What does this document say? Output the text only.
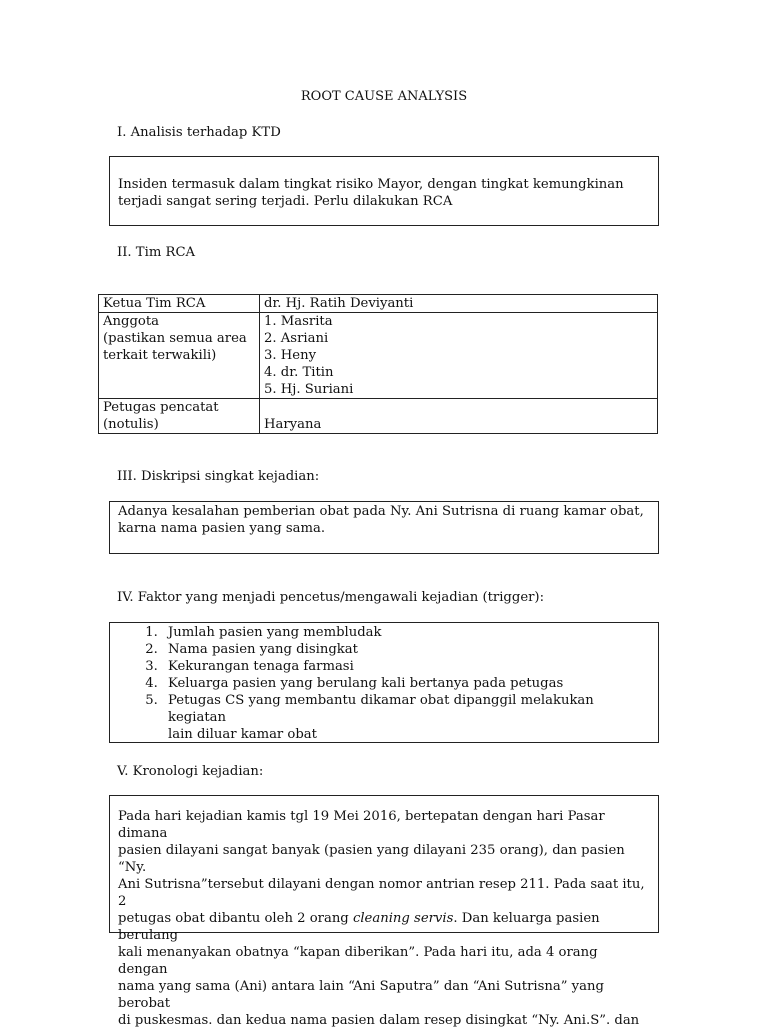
ROOT CAUSE ANALYSIS
I. Analisis terhadap KTD
Insiden termasuk dalam tingkat risiko Mayor, dengan tingkat kemungkinan
terjadi sangat sering terjadi. Perlu dilakukan RCA
II. Tim RCA
Ketua Tim RCA	dr. Hj. Ratih Deviyanti

Anggota
(pastikan semua area
terkait terwakili)	1. Masrita
2. Asriani
3. Heny
4. dr. Titin
5. Hj. Suriani

Petugas pencatat
(notulis)	Haryana
III. Diskripsi singkat kejadian:
Adanya kesalahan pemberian obat pada Ny. Ani Sutrisna di ruang kamar obat,
karna nama pasien yang sama.
IV. Faktor yang menjadi pencetus/mengawali kejadian (trigger):
1. Jumlah pasien yang membludak
2. Nama pasien yang disingkat
3. Kekurangan tenaga farmasi
4. Keluarga pasien yang berulang kali bertanya pada petugas
5. Petugas CS yang membantu dikamar obat dipanggil melakukan kegiatan
lain diluar kamar obat
V. Kronologi kejadian:
Pada hari kejadian kamis tgl 19 Mei 2016, bertepatan dengan hari Pasar dimana
pasien dilayani sangat banyak (pasien yang dilayani 235 orang), dan pasien “Ny.
Ani Sutrisna”tersebut dilayani dengan nomor antrian resep 211. Pada saat itu, 2
petugas obat dibantu oleh 2 orang cleaning servis. Dan keluarga pasien berulang
kali menanyakan obatnya “kapan diberikan”. Pada hari itu, ada 4 orang dengan
nama yang sama (Ani) antara lain “Ani Saputra” dan “Ani Sutrisna” yang berobat
di puskesmas. dan kedua nama pasien dalam resep disingkat “Ny. Ani.S”. dan
